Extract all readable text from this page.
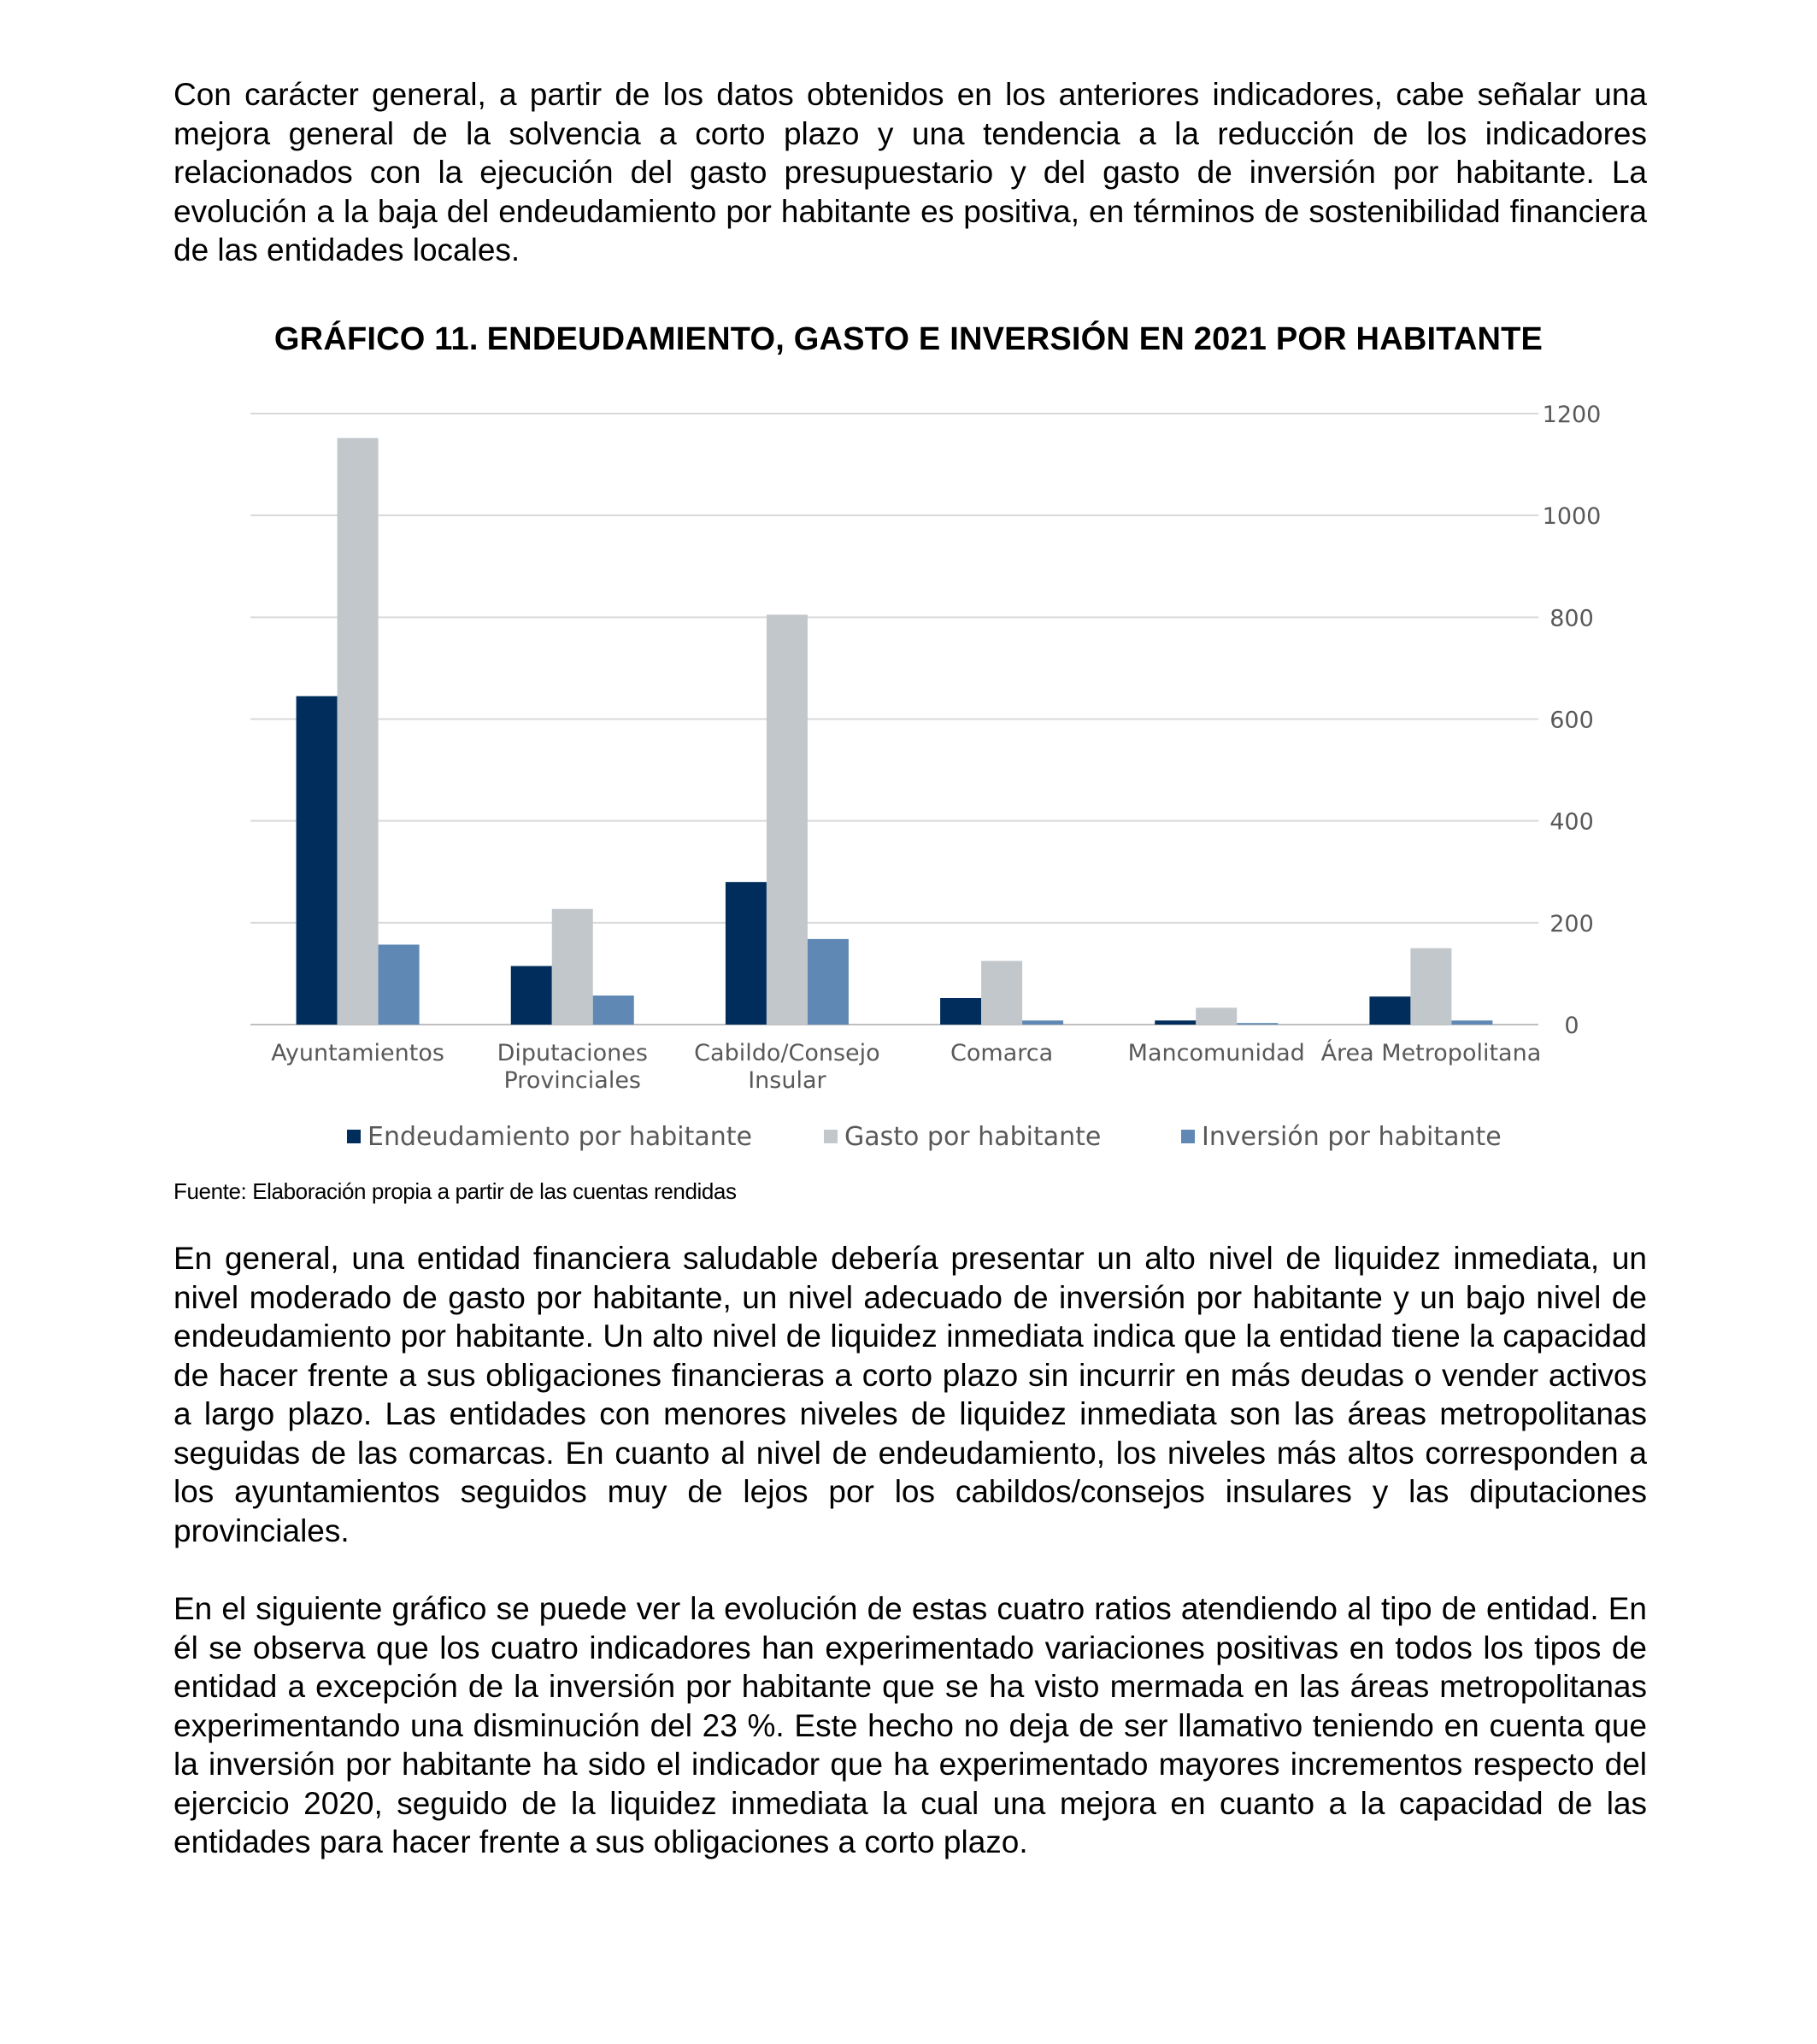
Con carácter general, a partir de los datos obtenidos en los anteriores indicadores, cabe señalar una mejora general de la solvencia a corto plazo y una tendencia a la reducción de los indicadores relacionados con la ejecución del gasto presupuestario y del gasto de inversión por habitante. La evolución a la baja del endeudamiento por habitante es positiva, en términos de sostenibilidad financiera de las entidades locales.

GRÁFICO 11. ENDEUDAMIENTO, GASTO E INVERSIÓN EN 2021 POR HABITANTE
0
200
400
600
800
1000
1200
Ayuntamientos Diputaciones
Provinciales
Cabildo/Consejo
Insular
Comarca	Mancomunidad Área Metropolitana
Endeudamiento por habitante	Gasto por habitante	Inversión por habitante
Fuente: Elaboración propia a partir de las cuentas rendidas

En general, una entidad financiera saludable debería presentar un alto nivel de liquidez inmediata, un nivel moderado de gasto por habitante, un nivel adecuado de inversión por habitante y un bajo nivel de endeudamiento por habitante. Un alto nivel de liquidez inmediata indica que la entidad tiene la capacidad de hacer frente a sus obligaciones financieras a corto plazo sin incurrir en más deudas o vender activos a largo plazo. Las entidades con menores niveles de liquidez inmediata son las áreas metropolitanas seguidas de las comarcas. En cuanto al nivel de endeudamiento, los niveles más altos corresponden a los ayuntamientos seguidos muy de lejos por los cabildos/consejos insulares y las diputaciones provinciales.

En el siguiente gráfico se puede ver la evolución de estas cuatro ratios atendiendo al tipo de entidad. En él se observa que los cuatro indicadores han experimentado variaciones positivas en todos los tipos de entidad a excepción de la inversión por habitante que se ha visto mermada en las áreas metropolitanas experimentando una disminución del 23 %. Este hecho no deja de ser llamativo teniendo en cuenta que la inversión por habitante ha sido el indicador que ha experimentado mayores incrementos respecto del ejercicio 2020, seguido de la liquidez inmediata la cual una mejora en cuanto a la capacidad de las entidades para hacer frente a sus obligaciones a corto plazo.
